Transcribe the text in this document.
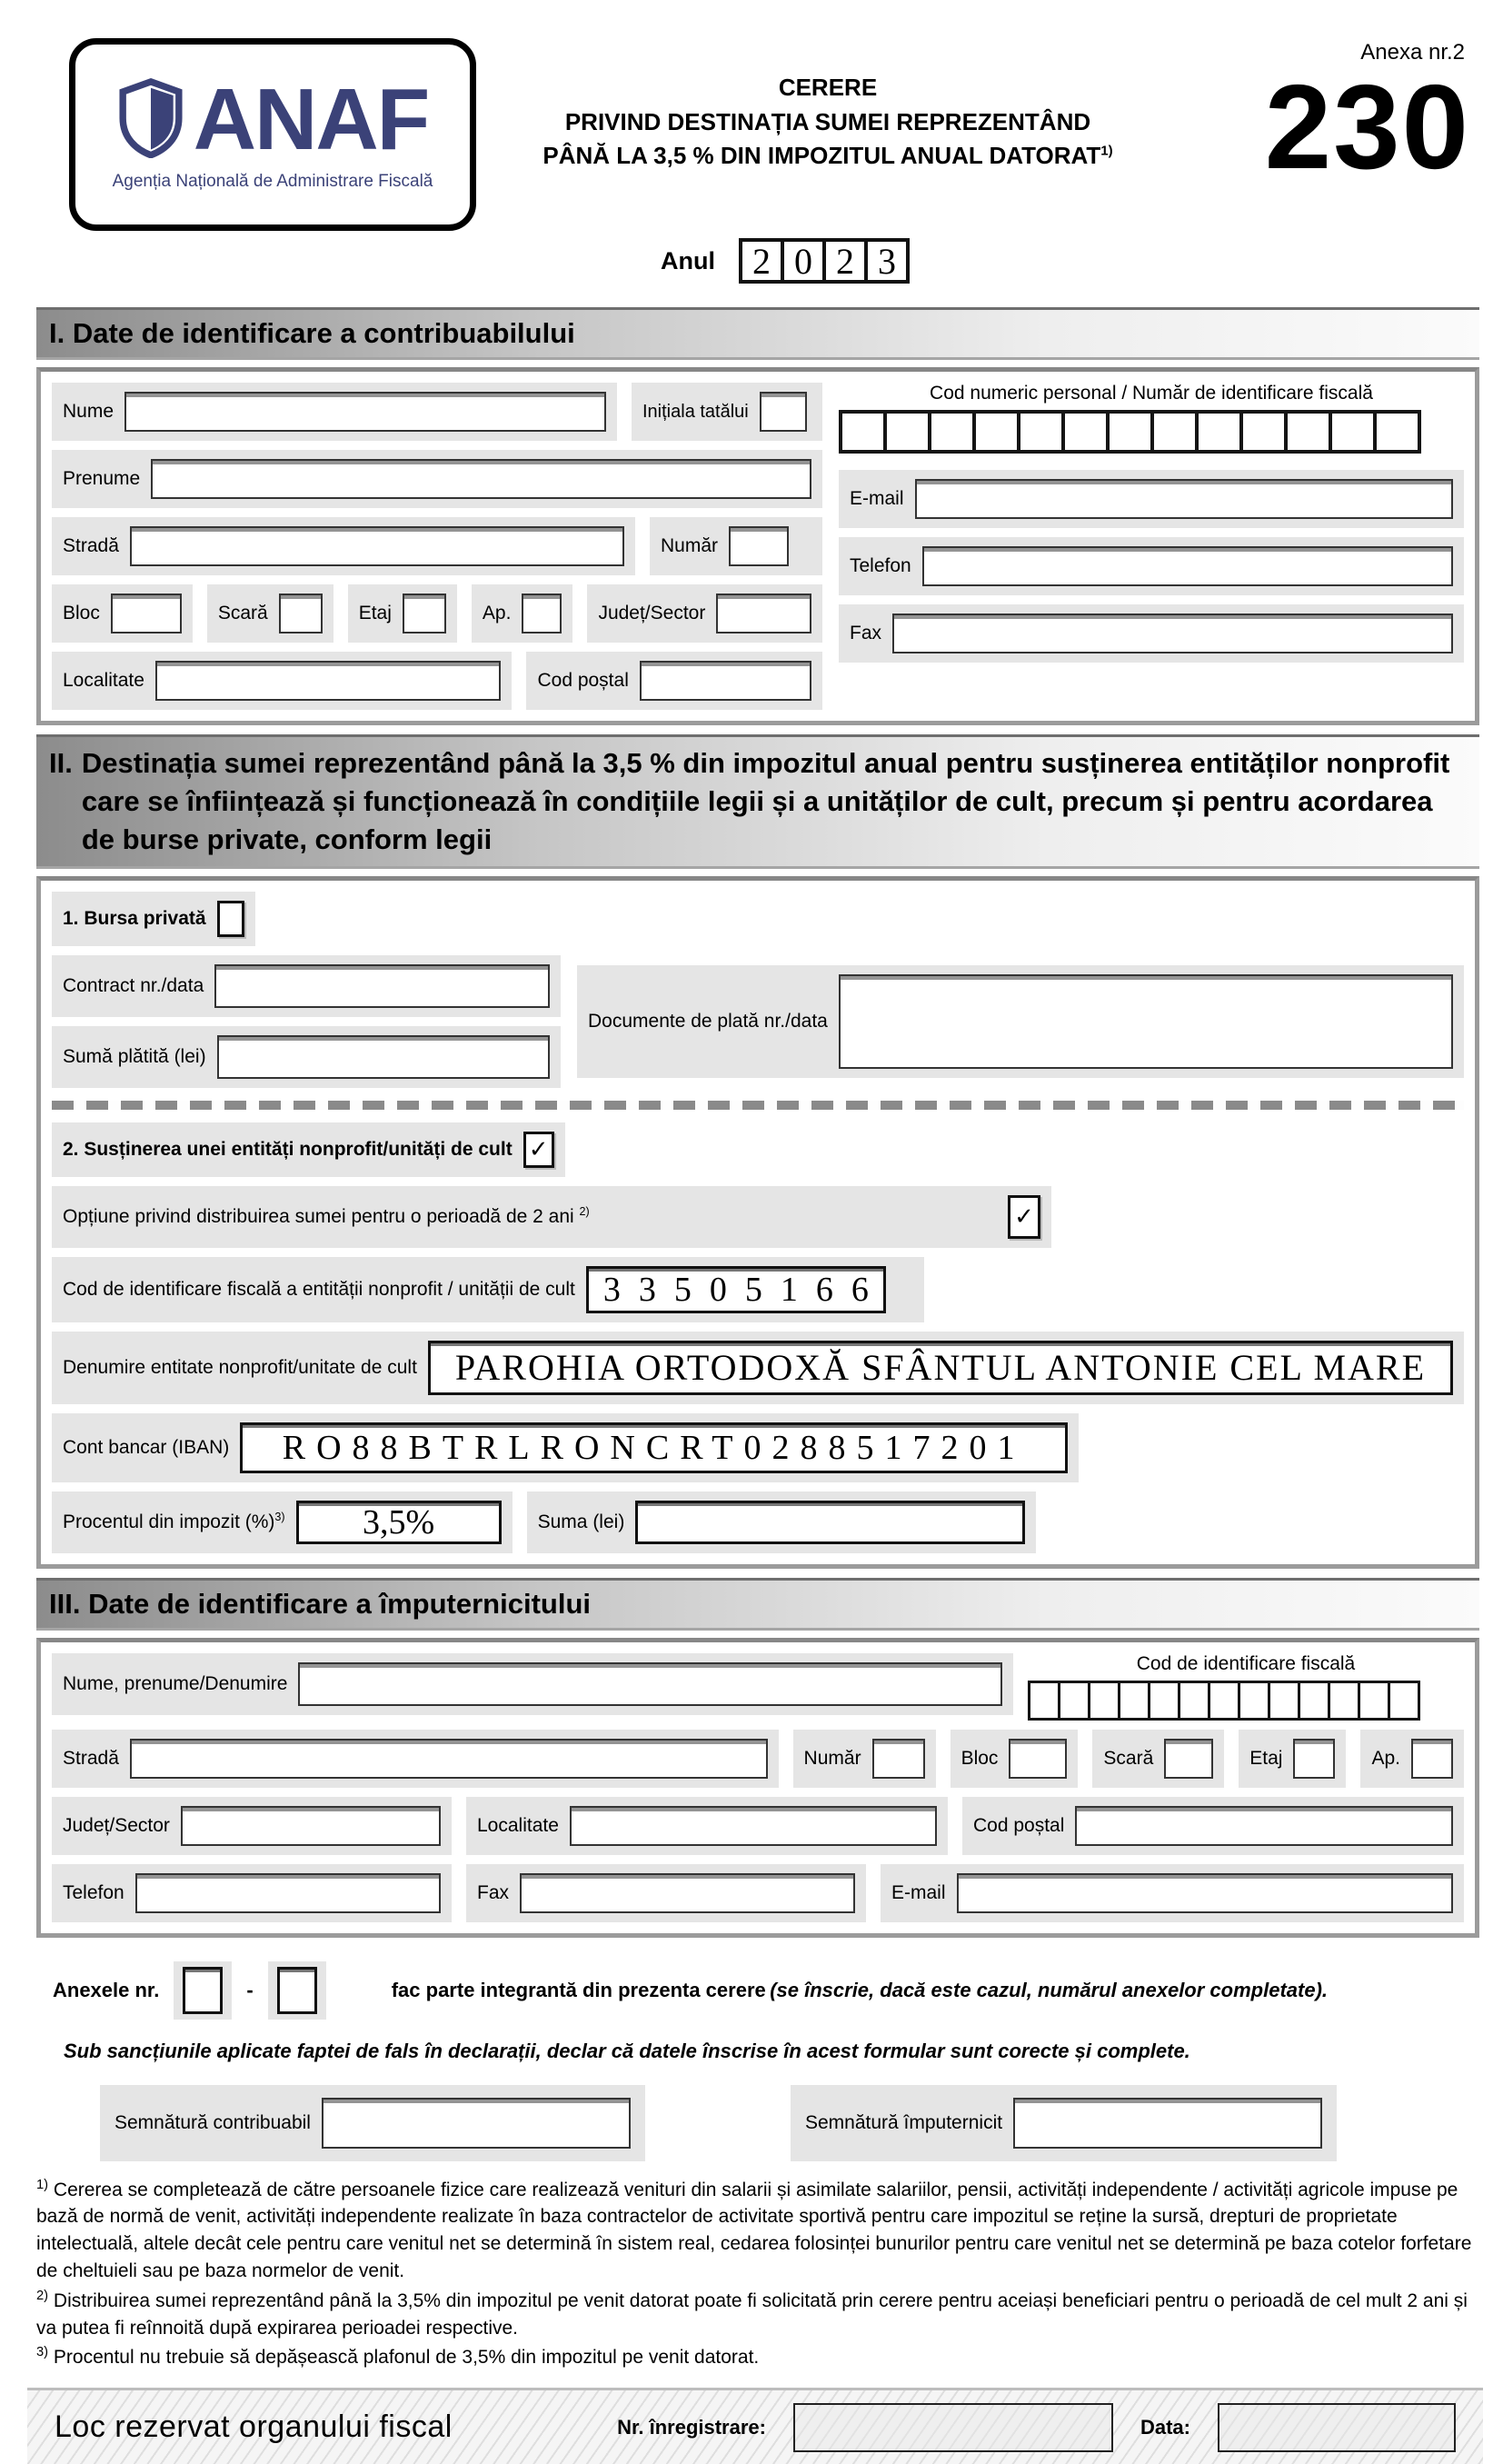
ANAF
Agenția Națională de Administrare Fiscală
CERERE
PRIVIND DESTINAȚIA SUMEI REPREZENTÂND
PÂNĂ LA 3,5 % DIN IMPOZITUL ANUAL DATORAT$^{1)}$
Anexa nr.2
230
Anul	2 0 2 3
I. Date de identificare a contribuabilului
Nume	Inițiala tatălui
Prenume
Stradă	Număr
Bloc	Scară	Etaj	Ap.	Județ/Sector
Localitate	Cod poștal
Cod numeric personal / Număr de identificare fiscală
E-mail
Telefon
Fax
II. Destinația sumei reprezentând până la 3,5 % din impozitul anual pentru susținerea entităților nonprofit care se înființează și funcționează în condițiile legii și a unităților de cult, precum și pentru acordarea de burse private, conform legii
1. Bursa privată
Contract nr./data
Sumă plătită (lei)
Documente de plată nr./data
2. Susținerea unei entități nonprofit/unități de cult ✓
Opțiune privind distribuirea sumei pentru o perioadă de 2 ani $^{2)}$	✓
Cod de identificare fiscală a entității nonprofit / unității de cult 33505166
Denumire entitate nonprofit/unitate de cult	PAROHIA ORTODOXĂ SFÂNTUL ANTONIE CEL MARE
Cont bancar (IBAN)	RO88BTRLRONCRT0288517201
Procentul din impozit (%)$^{3)}$	3,5%	Suma (lei)
III. Date de identificare a împuternicitului
Nume, prenume/Denumire
Cod de identificare fiscală
Stradă	Număr	Bloc	Scară	Etaj	Ap.
Județ/Sector	Localitate	Cod poștal
Telefon	Fax	E-mail
Anexele nr.	-	fac parte integrantă din prezenta cerere (se înscrie, dacă este cazul, numărul anexelor completate).
Sub sancțiunile aplicate faptei de fals în declarații, declar că datele înscrise în acest formular sunt corecte și complete.
Semnătură contribuabil	Semnătură împuternicit

$^{1)}$ Cererea se completează de către persoanele fizice care realizează venituri din salarii și asimilate salariilor, pensii, activități independente / activități agricole impuse pe bază de normă de venit, activități independente realizate în baza contractelor de activitate sportivă pentru care impozitul se reține la sursă, drepturi de proprietate intelectuală, altele decât cele pentru care venitul net se determină în sistem real, cedarea folosinței bunurilor pentru care venitul net se determină pe baza cotelor forfetare de cheltuieli sau pe baza normelor de venit.

$^{2)}$ Distribuirea sumei reprezentând până la 3,5% din impozitul pe venit datorat poate fi solicitată prin cerere pentru aceiași beneficiari pentru o perioadă de cel mult 2 ani și va putea fi reînnoită după expirarea perioadei respective.

$^{3)}$ Procentul nu trebuie să depășească plafonul de 3,5% din impozitul pe venit datorat.

Loc rezervat organului fiscal	Nr. înregistrare:	Data:
